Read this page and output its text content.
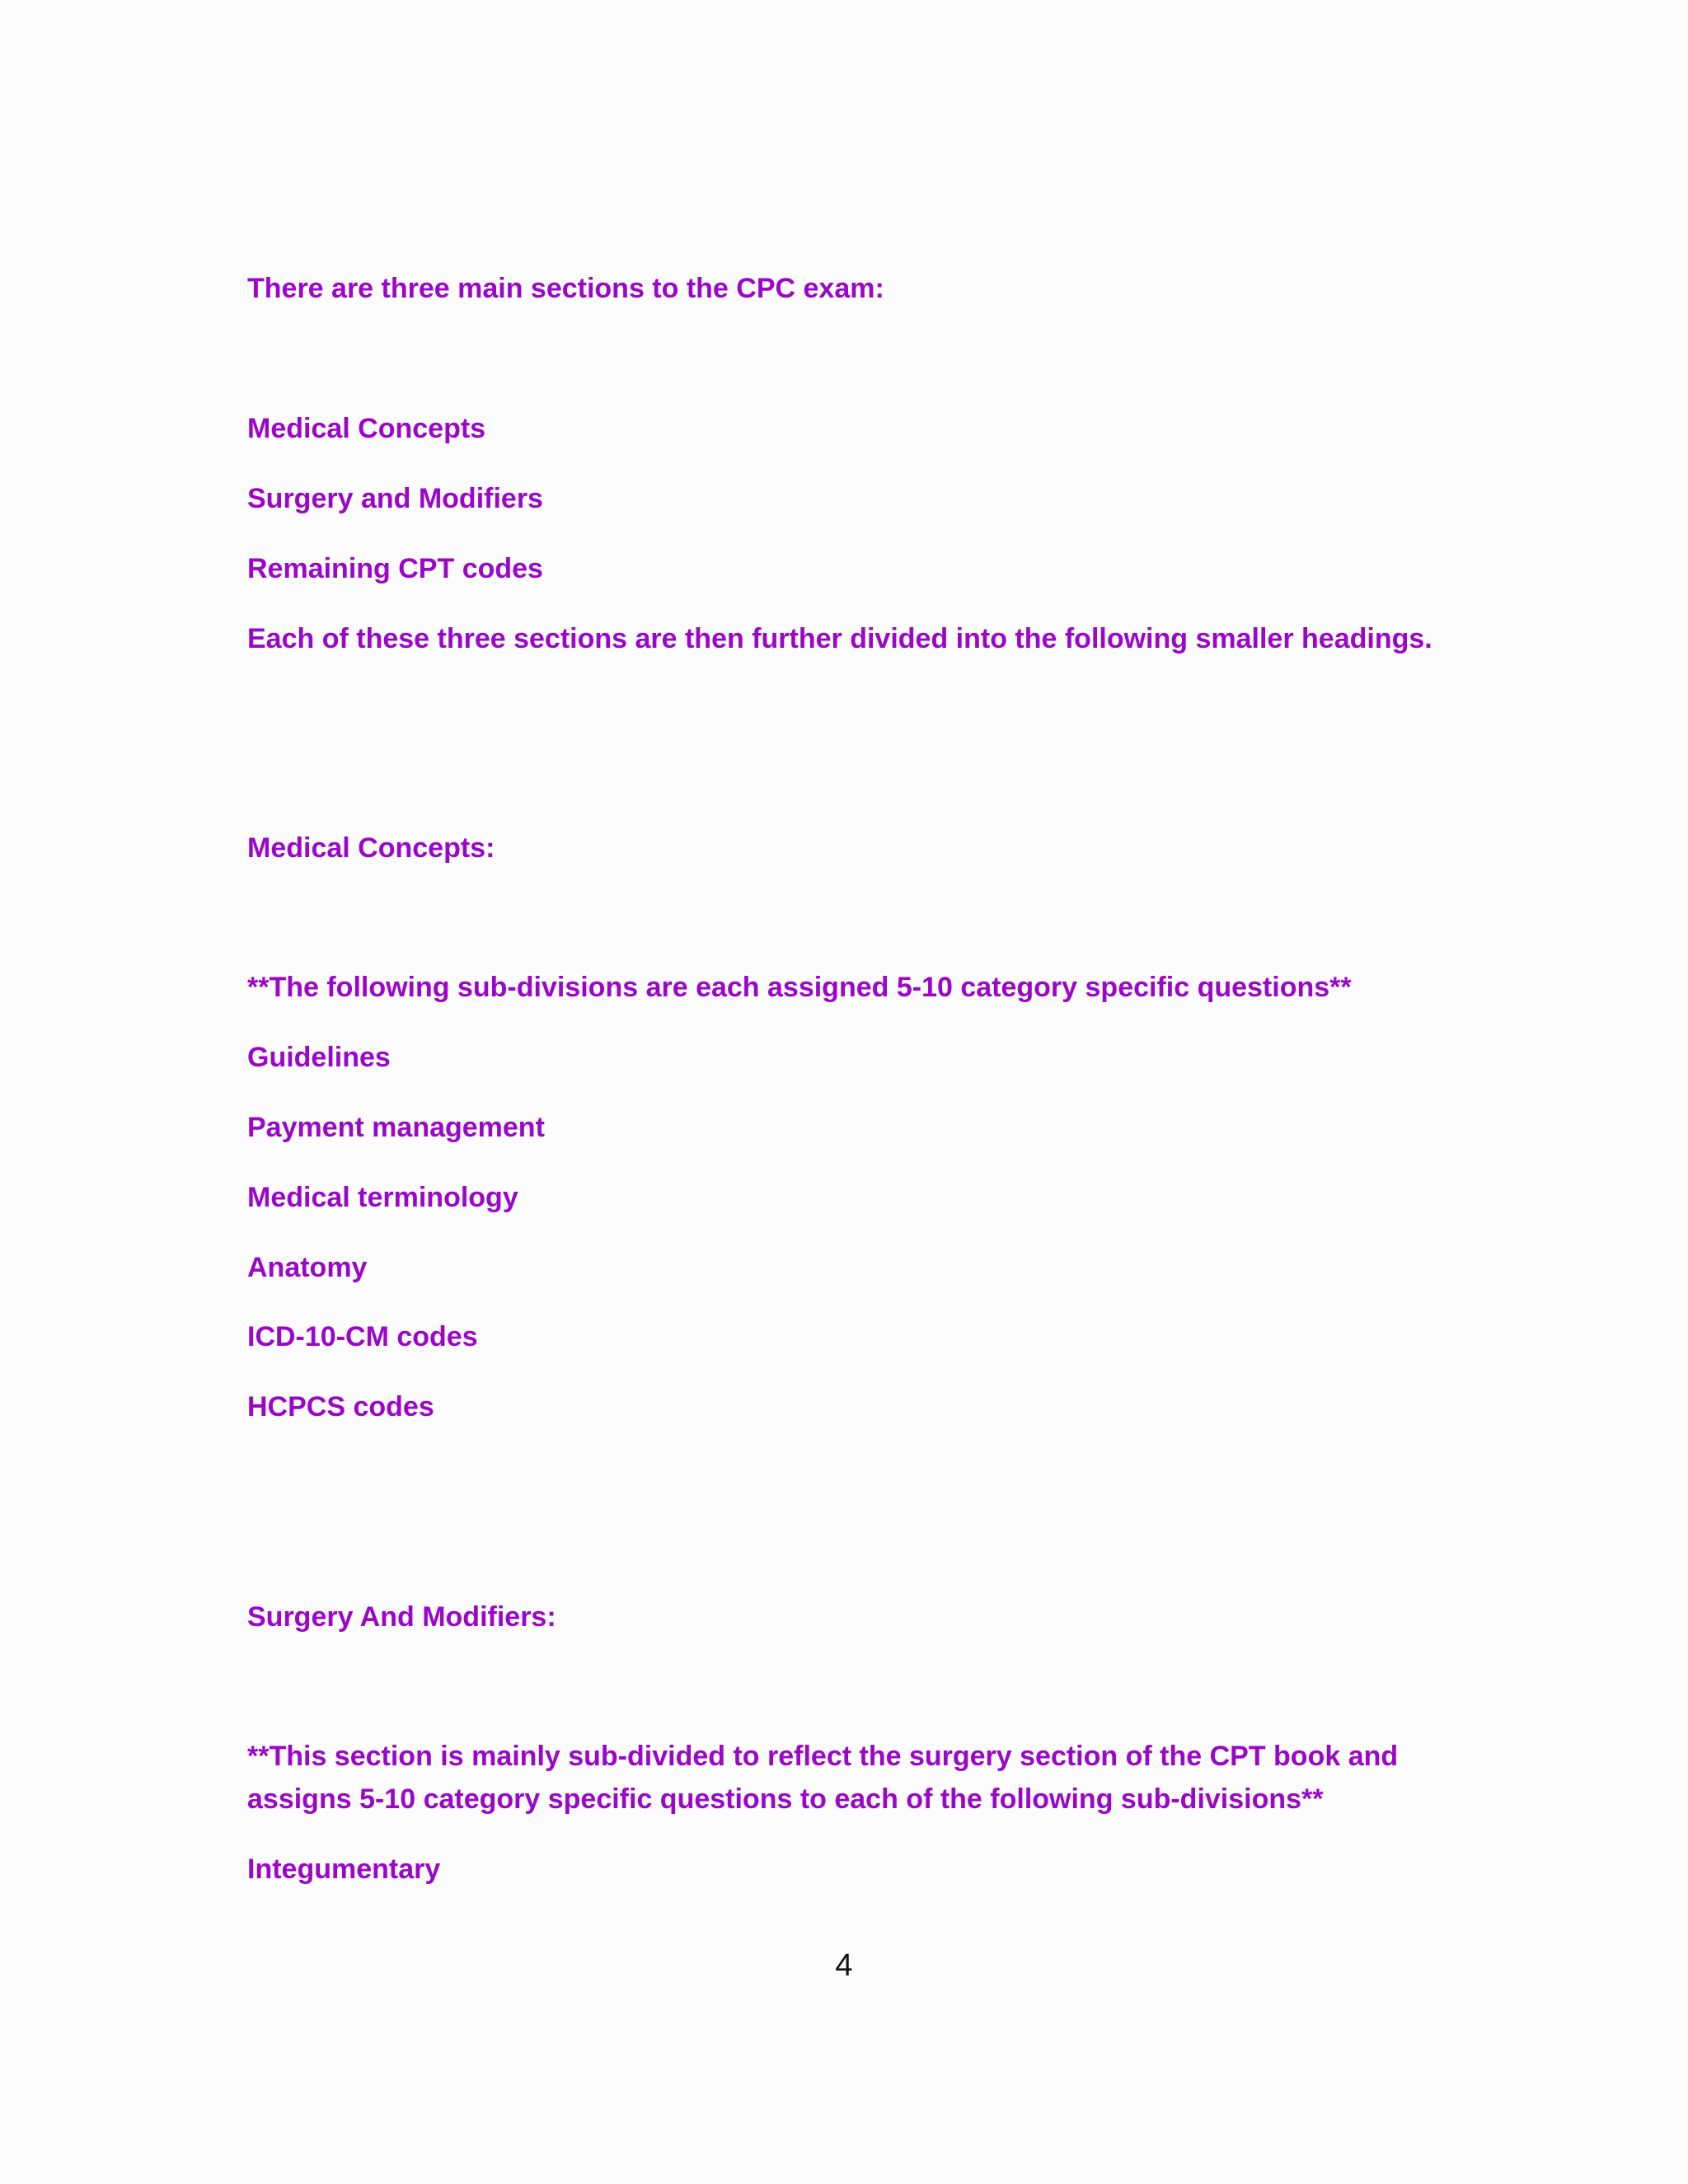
There are three main sections to the CPC exam:

Medical Concepts

Surgery and Modifiers

Remaining CPT codes

Each of these three sections are then further divided into the following smaller headings.

Medical Concepts:

**The following sub-divisions are each assigned 5-10 category specific questions**

Guidelines

Payment management

Medical terminology

Anatomy

ICD-10-CM codes

HCPCS codes

Surgery And Modifiers:

**This section is mainly sub-divided to reflect the surgery section of the CPT book and assigns 5-10 category specific questions to each of the following sub-divisions**

Integumentary

4
